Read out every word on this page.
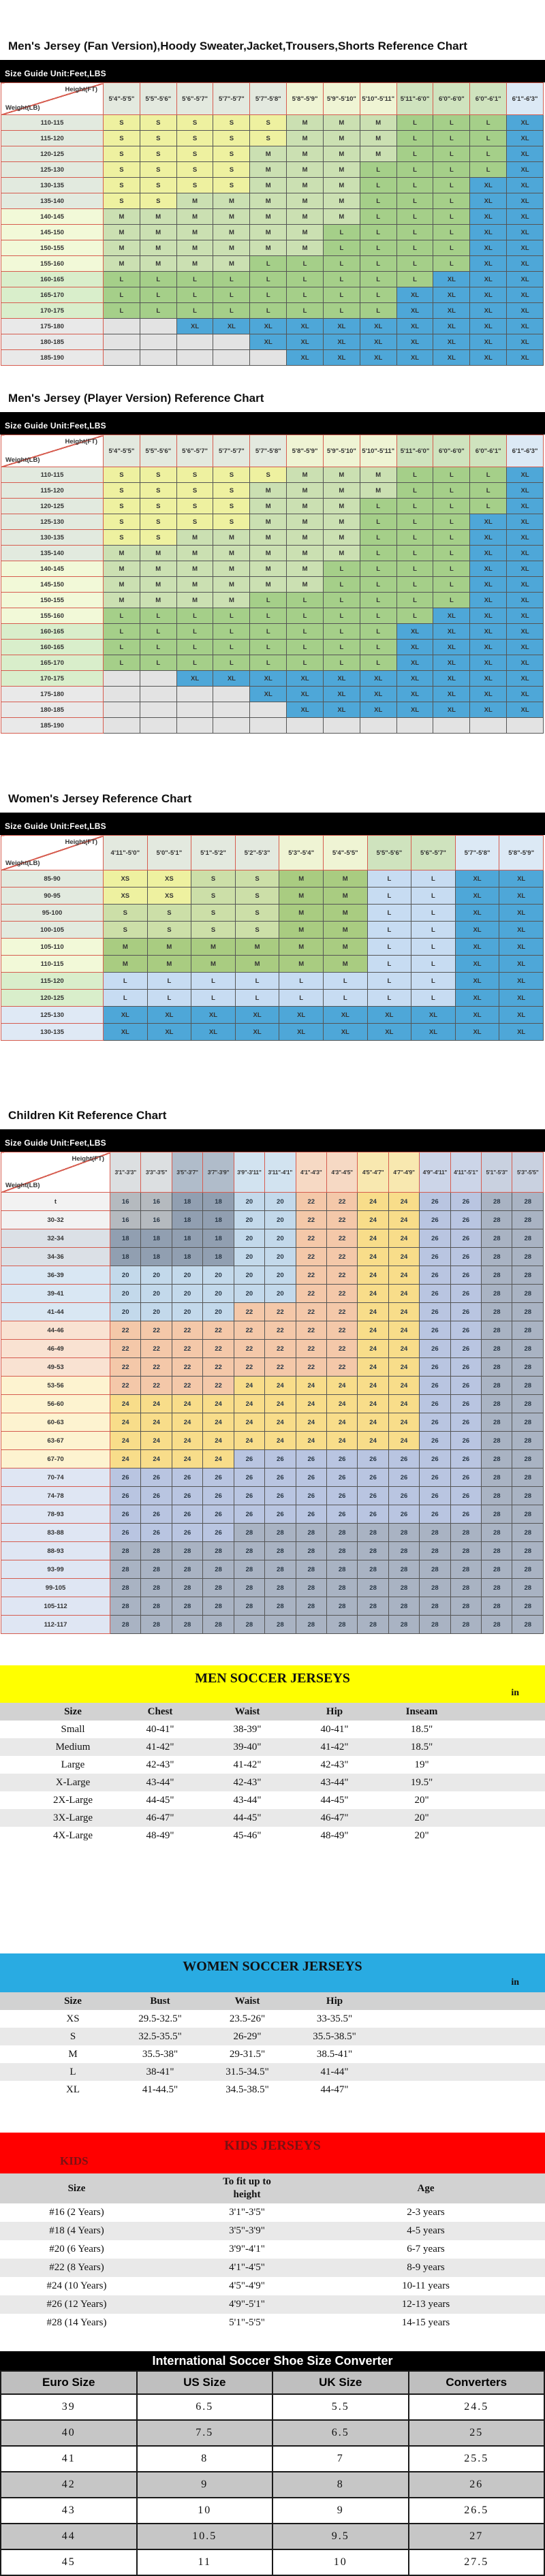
Men's Jersey (Fan Version),Hoody Sweater,Jacket,Trousers,Shorts Reference Chart
Size Guide Unit:Feet,LBS
Height(FT)
Weight(LB)	5'4"-5'5"	5'5"-5'6"	5'6"-5'7"	5'7"-5'7"	5'7"-5'8"	5'8"-5'9"	5'9"-5'10"	5'10"-5'11"	5'11"-6'0"	6'0"-6'0"	6'0"-6'1"	6'1"-6'3"
110-115	S	S	S	S	S	M	M	M	L	L	L	XL
115-120	S	S	S	S	S	M	M	M	L	L	L	XL
120-125	S	S	S	S	M	M	M	M	L	L	L	XL
125-130	S	S	S	S	M	M	M	L	L	L	L	XL
130-135	S	S	S	S	M	M	M	L	L	L	XL	XL
135-140	S	S	M	M	M	M	M	L	L	L	XL	XL
140-145	M	M	M	M	M	M	M	L	L	L	XL	XL
145-150	M	M	M	M	M	M	L	L	L	L	XL	XL
150-155	M	M	M	M	M	M	L	L	L	L	XL	XL
155-160	M	M	M	M	L	L	L	L	L	L	XL	XL
160-165	L	L	L	L	L	L	L	L	L	XL	XL	XL
165-170	L	L	L	L	L	L	L	L	XL	XL	XL	XL
170-175	L	L	L	L	L	L	L	L	XL	XL	XL	XL
175-180			XL	XL	XL	XL	XL	XL	XL	XL	XL	XL
180-185					XL	XL	XL	XL	XL	XL	XL	XL
185-190						XL	XL	XL	XL	XL	XL	XL
Men's Jersey (Player Version) Reference Chart
Size Guide Unit:Feet,LBS
Height(FT)
Weight(LB)	5'4"-5'5"	5'5"-5'6"	5'6"-5'7"	5'7"-5'7"	5'7"-5'8"	5'8"-5'9"	5'9"-5'10"	5'10"-5'11"	5'11"-6'0"	6'0"-6'0"	6'0"-6'1"	6'1"-6'3"
110-115	S	S	S	S	S	M	M	M	L	L	L	XL
115-120	S	S	S	S	M	M	M	M	L	L	L	XL
120-125	S	S	S	S	M	M	M	L	L	L	L	XL
125-130	S	S	S	S	M	M	M	L	L	L	XL	XL
130-135	S	S	M	M	M	M	M	L	L	L	XL	XL
135-140	M	M	M	M	M	M	M	L	L	L	XL	XL
140-145	M	M	M	M	M	M	L	L	L	L	XL	XL
145-150	M	M	M	M	M	M	L	L	L	L	XL	XL
150-155	M	M	M	M	L	L	L	L	L	L	XL	XL
155-160	L	L	L	L	L	L	L	L	L	XL	XL	XL
160-165	L	L	L	L	L	L	L	L	XL	XL	XL	XL
160-165	L	L	L	L	L	L	L	L	XL	XL	XL	XL
165-170	L	L	L	L	L	L	L	L	XL	XL	XL	XL
170-175			XL	XL	XL	XL	XL	XL	XL	XL	XL	XL
175-180					XL	XL	XL	XL	XL	XL	XL	XL
180-185						XL	XL	XL	XL	XL	XL	XL
185-190												
Women's Jersey Reference Chart
Size Guide Unit:Feet,LBS
Height(FT)
Weight(LB)	4'11"-5'0"	5'0"-5'1"	5'1"-5'2"	5'2"-5'3"	5'3"-5'4"	5'4"-5'5"	5'5"-5'6"	5'6"-5'7"	5'7"-5'8"	5'8"-5'9"
85-90	XS	XS	S	S	M	M	L	L	XL	XL
90-95	XS	XS	S	S	M	M	L	L	XL	XL
95-100	S	S	S	S	M	M	L	L	XL	XL
100-105	S	S	S	S	M	M	L	L	XL	XL
105-110	M	M	M	M	M	M	L	L	XL	XL
110-115	M	M	M	M	M	M	L	L	XL	XL
115-120	L	L	L	L	L	L	L	L	XL	XL
120-125	L	L	L	L	L	L	L	L	XL	XL
125-130	XL	XL	XL	XL	XL	XL	XL	XL	XL	XL
130-135	XL	XL	XL	XL	XL	XL	XL	XL	XL	XL
Children Kit Reference Chart
Size Guide Unit:Feet,LBS
Height(FT)
Weight(LB)	3'1"-3'3"	3'3"-3'5"	3'5"-3'7"	3'7"-3'9"	3'9"-3'11"	3'11"-4'1"	4'1"-4'3"	4'3"-4'5"	4'5"-4'7"	4'7"-4'9"	4'9"-4'11"	4'11"-5'1"	5'1"-5'3"	5'3"-5'5"
t	16	16	18	18	20	20	22	22	24	24	26	26	28	28
30-32	16	16	18	18	20	20	22	22	24	24	26	26	28	28
32-34	18	18	18	18	20	20	22	22	24	24	26	26	28	28
34-36	18	18	18	18	20	20	22	22	24	24	26	26	28	28
36-39	20	20	20	20	20	20	22	22	24	24	26	26	28	28
39-41	20	20	20	20	20	20	22	22	24	24	26	26	28	28
41-44	20	20	20	20	22	22	22	22	24	24	26	26	28	28
44-46	22	22	22	22	22	22	22	22	24	24	26	26	28	28
46-49	22	22	22	22	22	22	22	22	24	24	26	26	28	28
49-53	22	22	22	22	22	22	22	22	24	24	26	26	28	28
53-56	22	22	22	22	24	24	24	24	24	24	26	26	28	28
56-60	24	24	24	24	24	24	24	24	24	24	26	26	28	28
60-63	24	24	24	24	24	24	24	24	24	24	26	26	28	28
63-67	24	24	24	24	24	24	24	24	24	24	26	26	28	28
67-70	24	24	24	24	26	26	26	26	26	26	26	26	28	28
70-74	26	26	26	26	26	26	26	26	26	26	26	26	28	28
74-78	26	26	26	26	26	26	26	26	26	26	26	26	28	28
78-93	26	26	26	26	26	26	26	26	26	26	26	26	28	28
83-88	26	26	26	26	28	28	28	28	28	28	28	28	28	28
88-93	28	28	28	28	28	28	28	28	28	28	28	28	28	28
93-99	28	28	28	28	28	28	28	28	28	28	28	28	28	28
99-105	28	28	28	28	28	28	28	28	28	28	28	28	28	28
105-112	28	28	28	28	28	28	28	28	28	28	28	28	28	28
112-117	28	28	28	28	28	28	28	28	28	28	28	28	28	28
MEN SOCCER JERSEYS
in
Size	Chest	Waist	Hip	Inseam
Small	40-41"	38-39"	40-41"	18.5"
Medium	41-42"	39-40"	41-42"	18.5"
Large	42-43"	41-42"	42-43"	19"
X-Large	43-44"	42-43"	43-44"	19.5"
2X-Large	44-45"	43-44"	44-45"	20"
3X-Large	46-47"	44-45"	46-47"	20"
4X-Large	48-49"	45-46"	48-49"	20"
WOMEN SOCCER JERSEYS
in
Size	Bust	Waist	Hip
XS	29.5-32.5"	23.5-26"	33-35.5"
S	32.5-35.5"	26-29"	35.5-38.5"
M	35.5-38"	29-31.5"	38.5-41"
L	38-41"	31.5-34.5"	41-44"
XL	41-44.5"	34.5-38.5"	44-47"
KIDS JERSEYS
KIDS
Size
To fit up to height
Age
#16 (2 Years)	3'1"-3'5"	2-3 years
#18 (4 Years)	3'5"-3'9"	4-5 years
#20 (6 Years)	3'9"-4'1"	6-7 years
#22 (8 Years)	4'1"-4'5"	8-9 years
#24 (10 Years)	4'5"-4'9"	10-11 years
#26 (12 Years)	4'9"-5'1"	12-13 years
#28 (14 Years)	5'1"-5'5"	14-15 years
International Soccer Shoe Size Converter
Euro Size	US Size	UK Size	Converters
39	6.5	5.5	24.5
40	7.5	6.5	25
41	8	7	25.5
42	9	8	26
43	10	9	26.5
44	10.5	9.5	27
45	11	10	27.5
